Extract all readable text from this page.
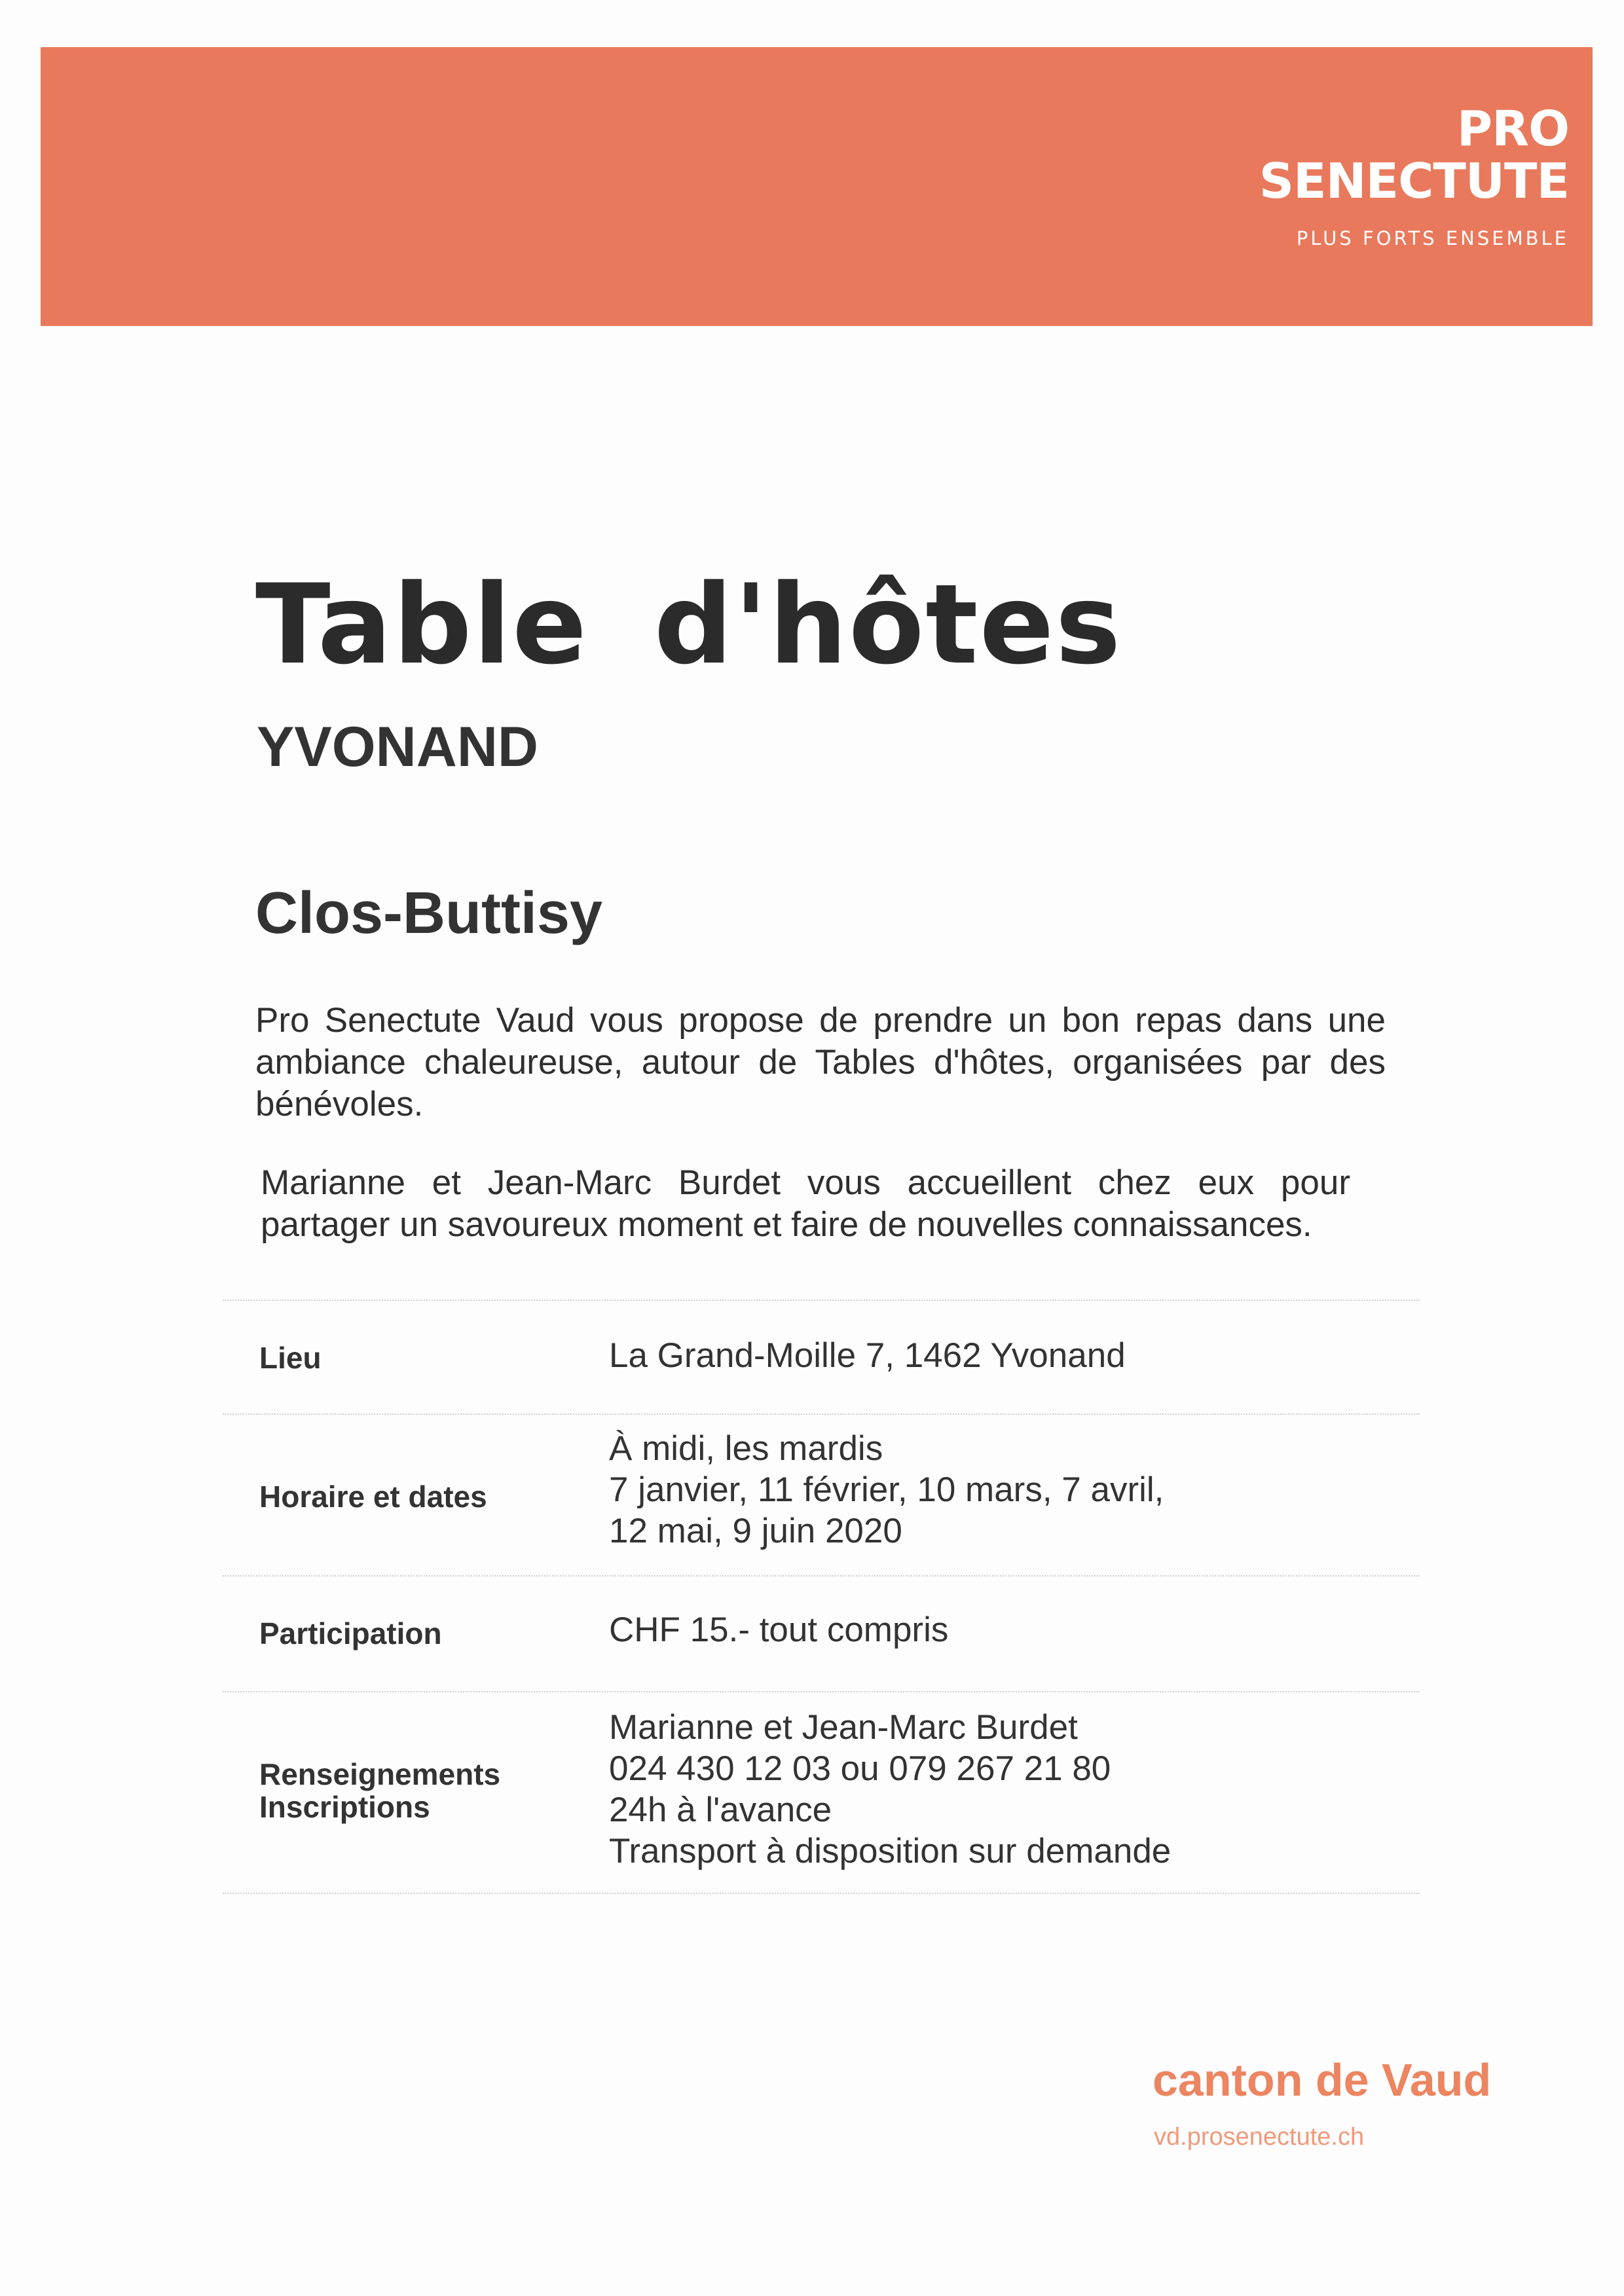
PRO
SENECTUTE
PLUS FORTS ENSEMBLE
Table d'hôtes
YVONAND
Clos-Buttisy

Pro Senectute Vaud vous propose de prendre un bon repas dans une ambiance chaleureuse, autour de Tables d'hôtes, organisées par des bénévoles.

Marianne et Jean-Marc Burdet vous accueillent chez eux pour partager un savoureux moment et faire de nouvelles connaissances.

Lieu	La Grand-Moille 7, 1462 Yvonand
Horaire et dates
À midi, les mardis
7 janvier, 11 février, 10 mars, 7 avril,
12 mai, 9 juin 2020
Participation	CHF 15.- tout compris
Renseignements
Inscriptions
Marianne et Jean-Marc Burdet
024 430 12 03 ou 079 267 21 80
24h à l'avance
Transport à disposition sur demande

canton de Vaud

vd.prosenectute.ch
